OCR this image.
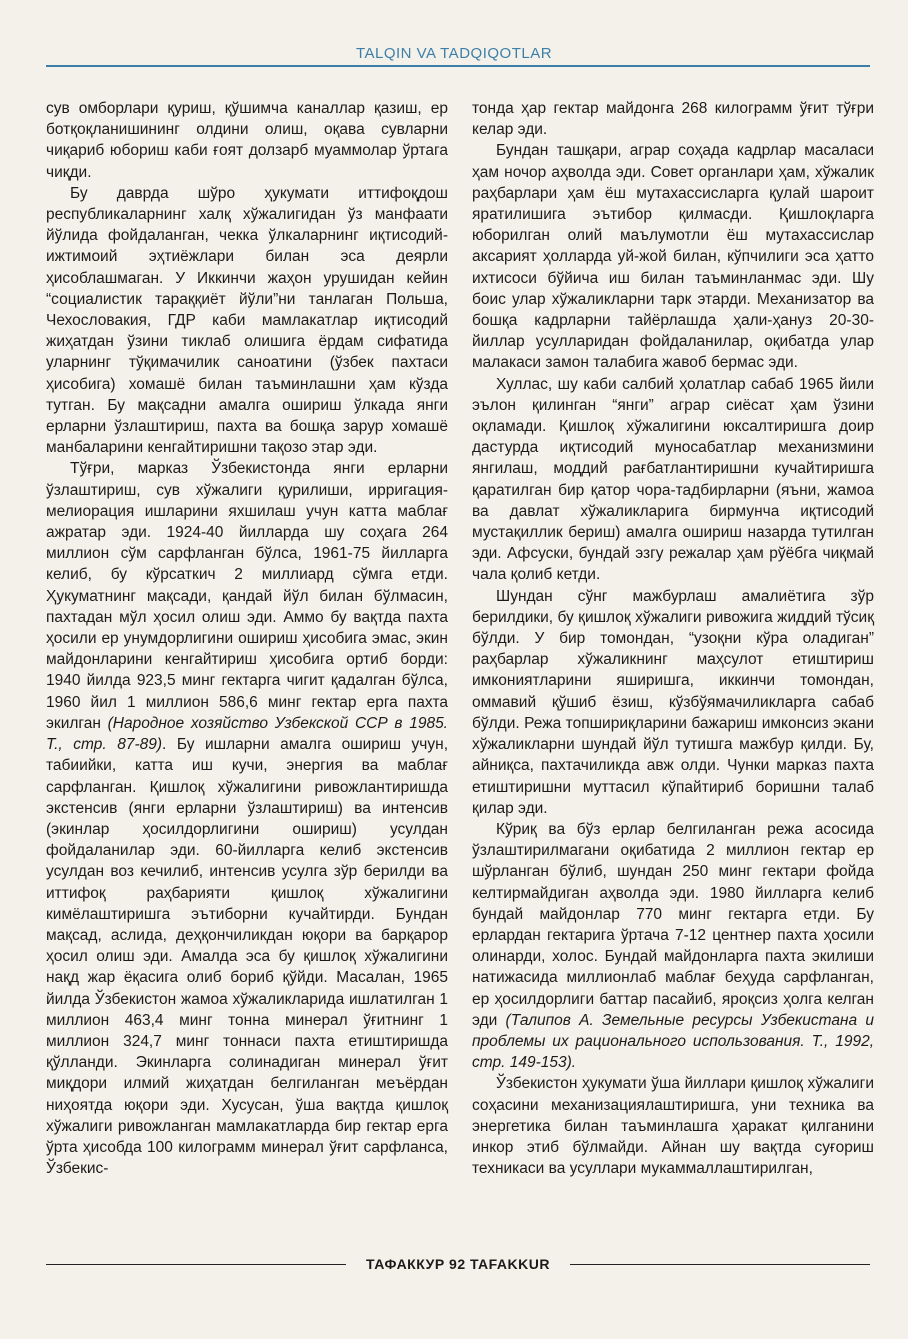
TALQIN VA TADQIQOTLAR

сув омборлари қуриш, қўшимча каналлар қазиш, ер ботқоқланишининг олдини олиш, оқава сувларни чиқариб юбориш каби ғоят долзарб муаммолар ўртага чиқди.

Бу даврда шўро ҳукумати иттифоқдош республикаларнинг халқ хўжалигидан ўз манфаати йўлида фойдаланган, чекка ўлкаларнинг иқтисодий-ижтимоий эҳтиёжлари билан эса деярли ҳисоблашмаган. У Иккинчи жаҳон урушидан кейин “социалистик тараққиёт йўли”ни танлаган Польша, Чехословакия, ГДР каби мамлакатлар иқтисодий жиҳатдан ўзини тиклаб олишига ёрдам сифатида уларнинг тўқимачилик саноатини (ўзбек пахтаси ҳисобига) хомашё билан таъминлашни ҳам кўзда тутган. Бу мақсадни амалга ошириш ўлкада янги ерларни ўзлаштириш, пахта ва бошқа зарур хомашё манбаларини кенгайтиришни тақозо этар эди.

Тўғри, марказ Ўзбекистонда янги ерларни ўзлаштириш, сув хўжалиги қурилиши, ирригация-мелиорация ишларини яхшилаш учун катта маблағ ажратар эди. 1924-40 йилларда шу соҳага 264 миллион сўм сарфланган бўлса, 1961-75 йилларга келиб, бу кўрсаткич 2 миллиард сўмга етди. Ҳукуматнинг мақсади, қандай йўл билан бўлмасин, пахтадан мўл ҳосил олиш эди. Аммо бу вақтда пахта ҳосили ер унумдорлигини ошириш ҳисобига эмас, экин майдонларини кенгайтириш ҳисобига ортиб борди: 1940 йилда 923,5 минг гектарга чигит қадалган бўлса, 1960 йил 1 миллион 586,6 минг гектар ерга пахта экилган (Народное хозяйство Узбекской ССР в 1985. Т., стр. 87-89). Бу ишларни амалга ошириш учун, табиийки, катта иш кучи, энергия ва маблағ сарфланган. Қишлоқ хўжалигини ривожлантиришда экстенсив (янги ерларни ўзлаштириш) ва интенсив (экинлар ҳосилдорлигини ошириш) усулдан фойдаланилар эди. 60-йилларга келиб экстенсив усулдан воз кечилиб, интенсив усулга зўр берилди ва иттифоқ раҳбарияти қишлоқ хўжалигини кимёлаштиришга эътиборни кучайтирди. Бундан мақсад, аслида, деҳқончиликдан юқори ва барқарор ҳосил олиш эди. Амалда эса бу қишлоқ хўжалигини нақд жар ёқасига олиб бориб қўйди. Масалан, 1965 йилда Ўзбекистон жамоа хўжаликларида ишлатилган 1 миллион 463,4 минг тонна минерал ўғитнинг 1 миллион 324,7 минг тоннаси пахта етиштиришда қўлланди. Экинларга солинадиган минерал ўғит миқдори илмий жиҳатдан белгиланган меъёрдан ниҳоятда юқори эди. Хусусан, ўша вақтда қишлоқ хўжалиги ривожланган мамлакатларда бир гектар ерга ўрта ҳисобда 100 килограмм минерал ўғит сарфланса, Ўзбекис-

тонда ҳар гектар майдонга 268 килограмм ўғит тўғри келар эди.

Бундан ташқари, аграр соҳада кадрлар масаласи ҳам ночор аҳволда эди. Совет органлари ҳам, хўжалик раҳбарлари ҳам ёш мутахассисларга қулай шароит яратилишига эътибор қилмасди. Қишлоқларга юборилган олий маълумотли ёш мутахассислар аксарият ҳолларда уй-жой билан, кўпчилиги эса ҳатто ихтисоси бўйича иш билан таъминланмас эди. Шу боис улар хўжаликларни тарк этарди. Механизатор ва бошқа кадрларни тайёрлашда ҳали-ҳануз 20-30-йиллар усулларидан фойдаланилар, оқибатда улар малакаси замон талабига жавоб бермас эди.

Хуллас, шу каби салбий ҳолатлар сабаб 1965 йили эълон қилинган “янги” аграр сиёсат ҳам ўзини оқламади. Қишлоқ хўжалигини юксалтиришга доир дастурда иқтисодий муносабатлар механизмини янгилаш, моддий рағбатлантиришни кучайтиришга қаратилган бир қатор чора-тадбирларни (яъни, жамоа ва давлат хўжаликларига бирмунча иқтисодий мустақиллик бериш) амалга ошириш назарда тутилган эди. Афсуски, бундай эзгу режалар ҳам рўёбга чиқмай чала қолиб кетди.

Шундан сўнг мажбурлаш амалиётига зўр берилдики, бу қишлоқ хўжалиги ривожига жиддий тўсиқ бўлди. У бир томондан, “узоқни кўра оладиган” раҳбарлар хўжаликнинг маҳсулот етиштириш имкониятларини яширишга, иккинчи томондан, оммавий қўшиб ёзиш, кўзбўямачиликларга сабаб бўлди. Режа топшириқларини бажариш имконсиз экани хўжаликларни шундай йўл тутишга мажбур қилди. Бу, айниқса, пахтачиликда авж олди. Чунки марказ пахта етиштиришни муттасил кўпайтириб боришни талаб қилар эди.

Кўриқ ва бўз ерлар белгиланган режа асосида ўзлаштирилмагани оқибатида 2 миллион гектар ер шўрланган бўлиб, шундан 250 минг гектари фойда келтирмайдиган аҳволда эди. 1980 йилларга келиб бундай майдонлар 770 минг гектарга етди. Бу ерлардан гектарига ўртача 7-12 центнер пахта ҳосили олинарди, холос. Бундай майдонларга пахта экилиши натижасида миллионлаб маблағ беҳуда сарфланган, ер ҳосилдорлиги баттар пасайиб, яроқсиз ҳолга келган эди (Талипов А. Земельные ресурсы Узбекистана и проблемы их рационального использования. Т., 1992, стр. 149-153).

Ўзбекистон ҳукумати ўша йиллари қишлоқ хўжалиги соҳасини механизациялаштиришга, уни техника ва энергетика билан таъминлашга ҳаракат қилганини инкор этиб бўлмайди. Айнан шу вақтда суғориш техникаси ва усуллари мукаммаллаштирилган,

ТАФАККУР 92 TAFAKKUR
